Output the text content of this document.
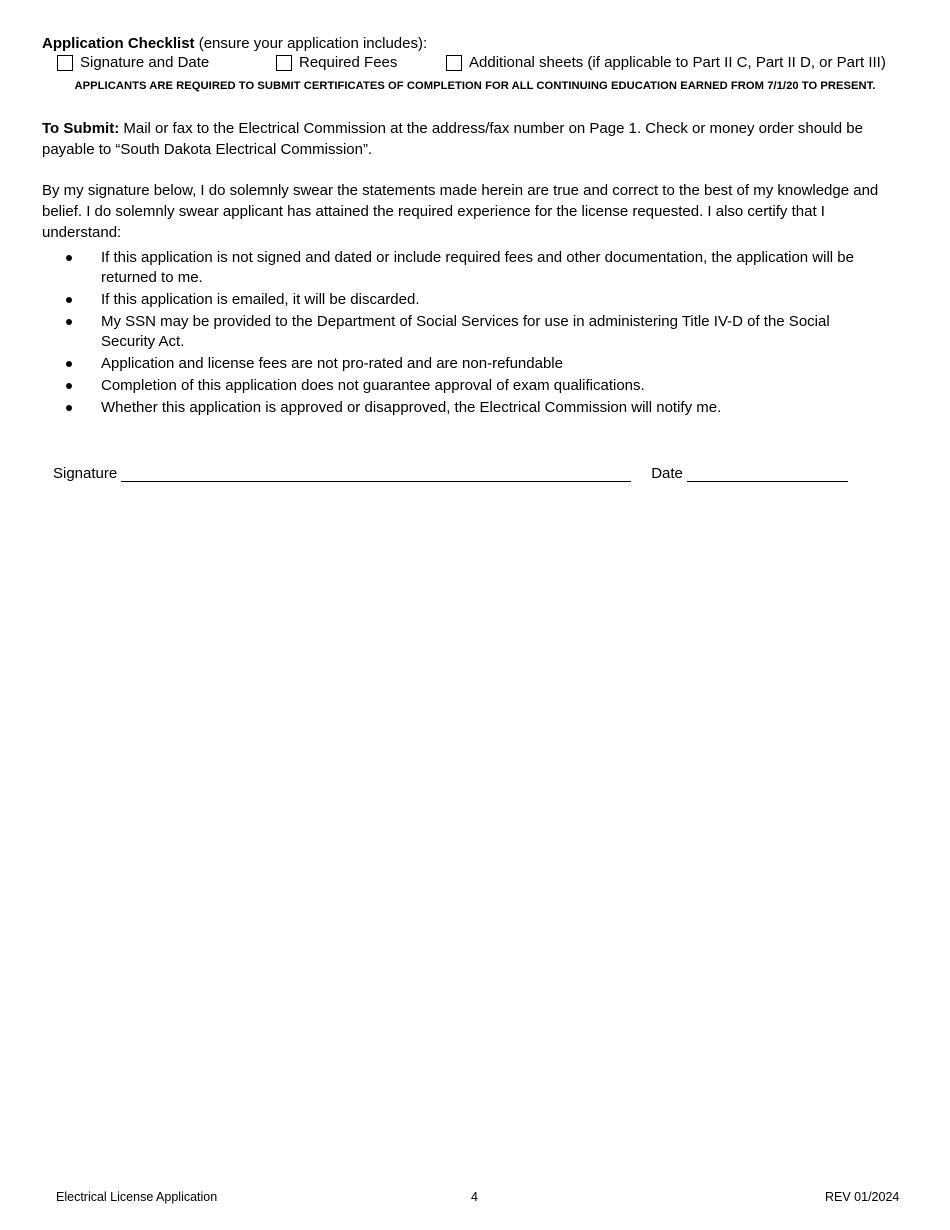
Application Checklist (ensure your application includes):
Signature and Date	Required Fees	Additional sheets (if applicable to Part II C, Part II D, or Part III)
APPLICANTS ARE REQUIRED TO SUBMIT CERTIFICATES OF COMPLETION FOR ALL CONTINUING EDUCATION EARNED FROM 7/1/20 TO PRESENT.
To Submit: Mail or fax to the Electrical Commission at the address/fax number on Page 1. Check or money order should be payable to “South Dakota Electrical Commission”.
By my signature below, I do solemnly swear the statements made herein are true and correct to the best of my knowledge and belief. I do solemnly swear applicant has attained the required experience for the license requested. I also certify that I understand:
If this application is not signed and dated or include required fees and other documentation, the application will be returned to me.
If this application is emailed, it will be discarded.
My SSN may be provided to the Department of Social Services for use in administering Title IV-D of the Social Security Act.
Application and license fees are not pro-rated and are non-refundable
Completion of this application does not guarantee approval of exam qualifications.
Whether this application is approved or disapproved, the Electrical Commission will notify me.
Signature	Date
Electrical License Application	4	REV 01/2024
